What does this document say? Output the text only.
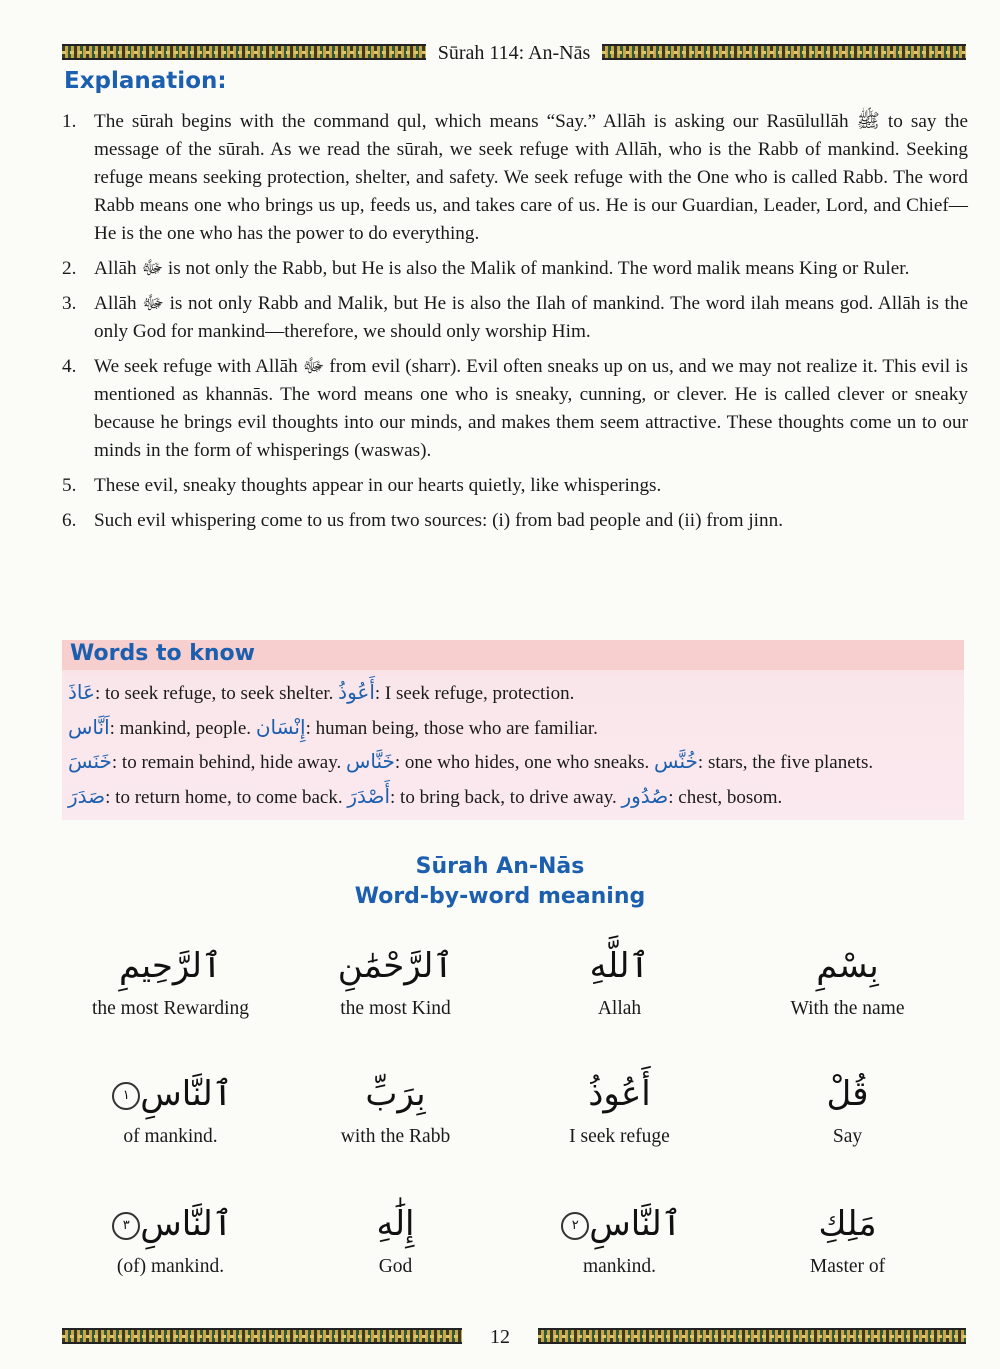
Sūrah 114: An-Nās
Explanation:
1. The sūrah begins with the command qul, which means “Say.” Allāh is asking our Rasūlullāh ﷺ to say the message of the sūrah. As we read the sūrah, we seek refuge with Allāh, who is the Rabb of mankind. Seeking refuge means seeking protection, shelter, and safety. We seek refuge with the One who is called Rabb. The word Rabb means one who brings us up, feeds us, and takes care of us. He is our Guardian, Leader, Lord, and Chief—He is the one who has the power to do everything.
2. Allāh ﷻ is not only the Rabb, but He is also the Malik of mankind. The word malik means King or Ruler.
3. Allāh ﷻ is not only Rabb and Malik, but He is also the Ilah of mankind. The word ilah means god. Allāh is the only God for mankind—therefore, we should only worship Him.
4. We seek refuge with Allāh ﷻ from evil (sharr). Evil often sneaks up on us, and we may not realize it. This evil is mentioned as khannās. The word means one who is sneaky, cunning, or clever. He is called clever or sneaky because he brings evil thoughts into our minds, and makes them seem attractive. These thoughts come un to our minds in the form of whisperings (waswas).
5. These evil, sneaky thoughts appear in our hearts quietly, like whisperings.
6. Such evil whispering come to us from two sources: (i) from bad people and (ii) from jinn.
Words to know
عَاذَ: to seek refuge, to seek shelter. أَعُوذُ: I seek refuge, protection.
اَنَّاس: mankind, people. إِنْسَان: human being, those who are familiar.
خَنَسَ: to remain behind, hide away. خَنَّاس: one who hides, one who sneaks. خُنَّس: stars, the five planets.
صَدَرَ: to return home, to come back. أَصْدَرَ: to bring back, to drive away. صُدُور: chest, bosom.
Sūrah An-Nās
Word-by-word meaning
بِسْمِ
With the name
ٱللَّهِ
Allah
ٱلرَّحْمَٰنِ
the most Kind
ٱلرَّحِيمِ
the most Rewarding
قُلْ
Say
أَعُوذُ
I seek refuge
بِرَبِّ
with the Rabb
ٱلنَّاسِ١
of mankind.
مَلِكِ
Master of
ٱلنَّاسِ٢
mankind.
إِلَٰهِ
God
ٱلنَّاسِ٣
(of) mankind.
12
